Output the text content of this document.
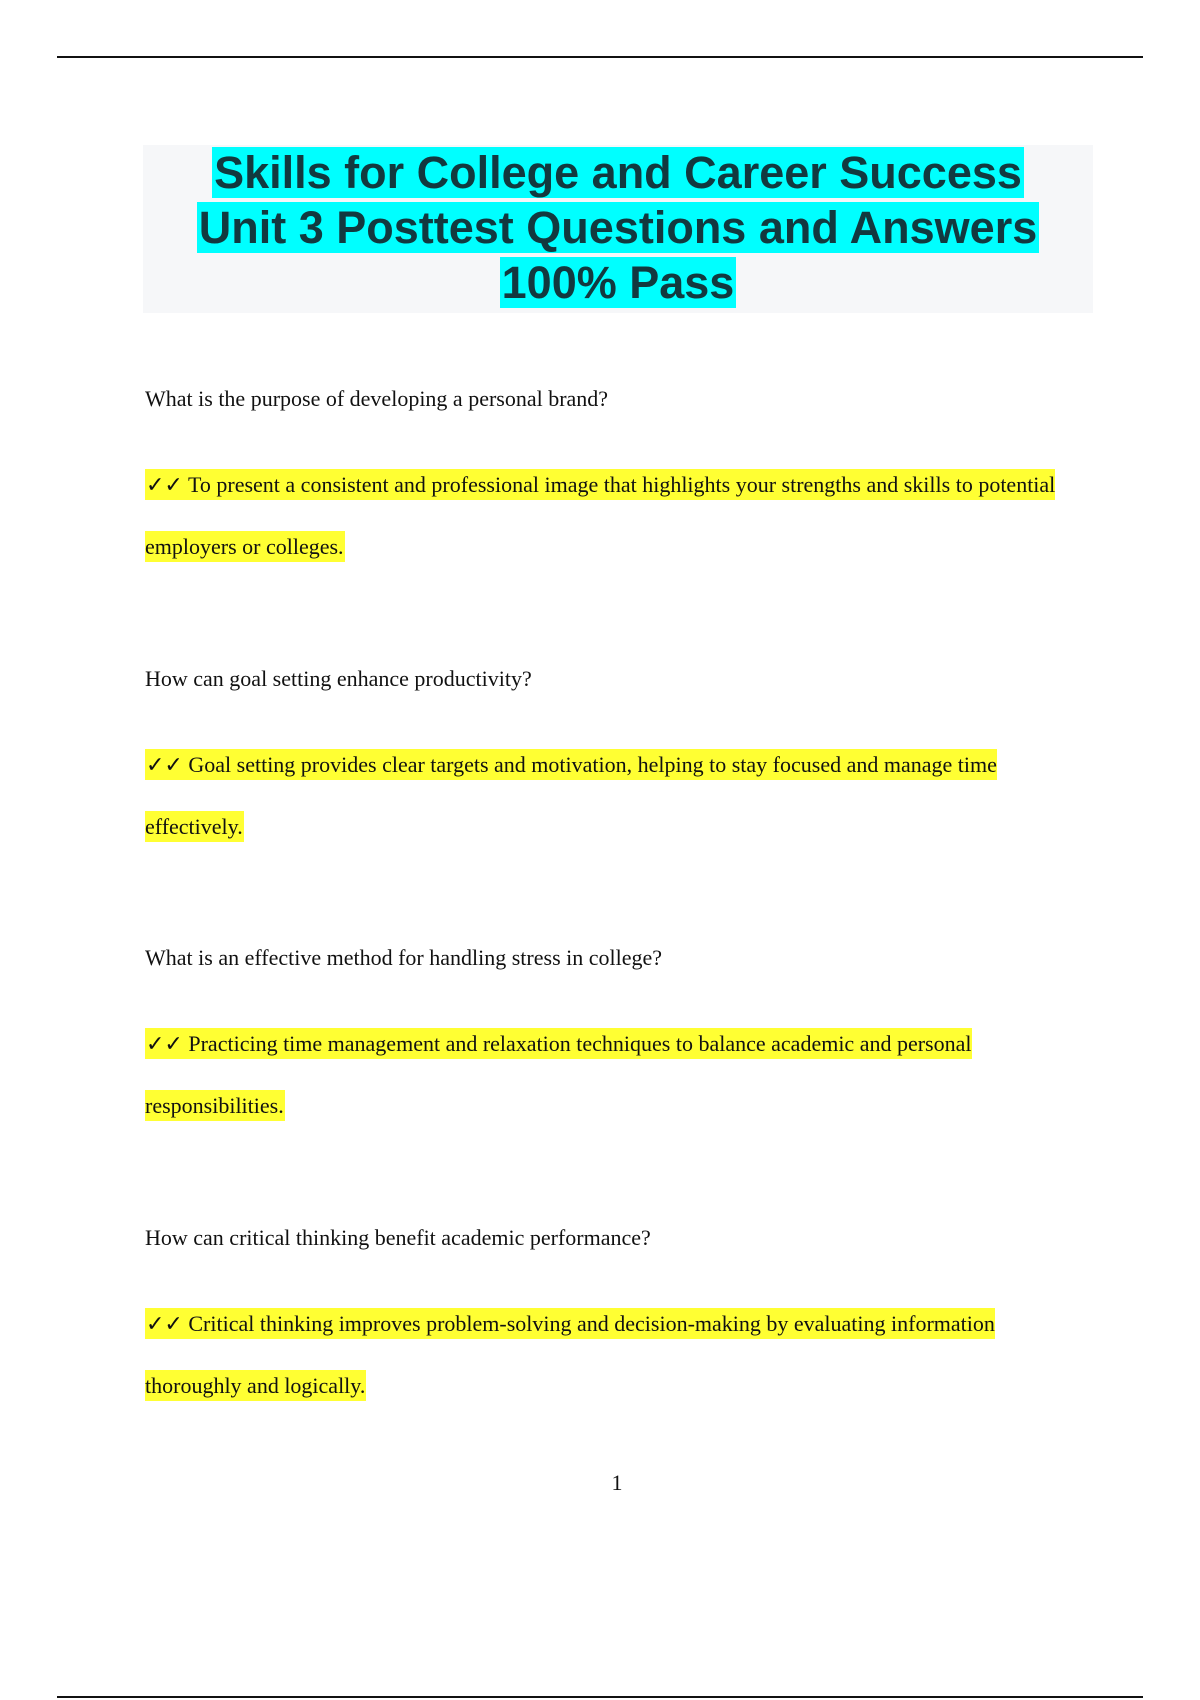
Skills for College and Career Success
Unit 3 Posttest Questions and Answers
100% Pass

What is the purpose of developing a personal brand?

✓✓ To present a consistent and professional image that highlights your strengths and skills to potential employers or colleges.

How can goal setting enhance productivity?

✓✓ Goal setting provides clear targets and motivation, helping to stay focused and manage time effectively.

What is an effective method for handling stress in college?

✓✓ Practicing time management and relaxation techniques to balance academic and personal responsibilities.

How can critical thinking benefit academic performance?

✓✓ Critical thinking improves problem-solving and decision-making by evaluating information thoroughly and logically.

1
